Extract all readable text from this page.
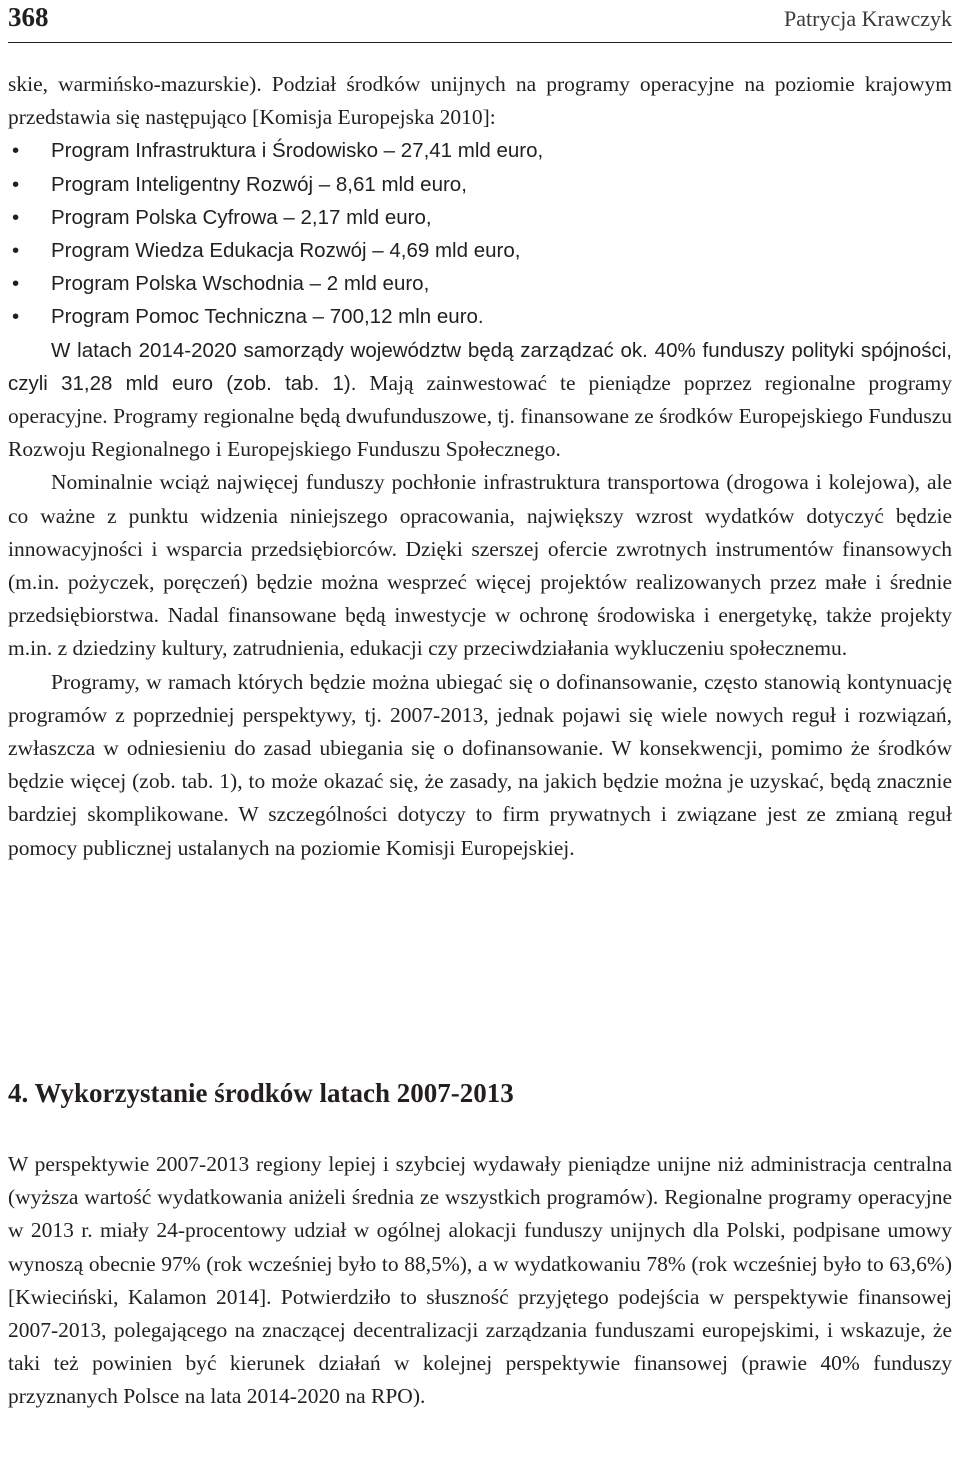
368	Patrycja Krawczyk

skie, warmińsko-mazurskie). Podział środków unijnych na programy operacyjne na poziomie krajowym przedstawia się następująco [Komisja Europejska 2010]:

• Program Infrastruktura i Środowisko – 27,41 mld euro,
• Program Inteligentny Rozwój – 8,61 mld euro,
• Program Polska Cyfrowa – 2,17 mld euro,
• Program Wiedza Edukacja Rozwój – 4,69 mld euro,
• Program Polska Wschodnia – 2 mld euro,
• Program Pomoc Techniczna – 700,12 mln euro.

W latach 2014-2020 samorządy województw będą zarządzać ok. 40% funduszy polityki spójności, czyli 31,28 mld euro (zob. tab. 1). Mają zainwestować te pieniądze poprzez regionalne programy operacyjne. Programy regionalne będą dwufunduszowe, tj. finansowane ze środków Europejskiego Funduszu Rozwoju Regionalnego i Europejskiego Funduszu Społecznego.

Nominalnie wciąż najwięcej funduszy pochłonie infrastruktura transportowa (drogowa i kolejowa), ale co ważne z punktu widzenia niniejszego opracowania, największy wzrost wydatków dotyczyć będzie innowacyjności i wsparcia przedsiębiorców. Dzięki szerszej ofercie zwrotnych instrumentów finansowych (m.in. pożyczek, poręczeń) będzie można wesprzeć więcej projektów realizowanych przez małe i średnie przedsiębiorstwa. Nadal finansowane będą inwestycje w ochronę środowiska i energetykę, także projekty m.in. z dziedziny kultury, zatrudnienia, edukacji czy przeciwdziałania wykluczeniu społecznemu.

Programy, w ramach których będzie można ubiegać się o dofinansowanie, często stanowią kontynuację programów z poprzedniej perspektywy, tj. 2007-2013, jednak pojawi się wiele nowych reguł i rozwiązań, zwłaszcza w odniesieniu do zasad ubiegania się o dofinansowanie. W konsekwencji, pomimo że środków będzie więcej (zob. tab. 1), to może okazać się, że zasady, na jakich będzie można je uzyskać, będą znacznie bardziej skomplikowane. W szczególności dotyczy to firm prywatnych i związane jest ze zmianą reguł pomocy publicznej ustalanych na poziomie Komisji Europejskiej.

4. Wykorzystanie środków latach 2007-2013

W perspektywie 2007-2013 regiony lepiej i szybciej wydawały pieniądze unijne niż administracja centralna (wyższa wartość wydatkowania aniżeli średnia ze wszystkich programów). Regionalne programy operacyjne w 2013 r. miały 24-procentowy udział w ogólnej alokacji funduszy unijnych dla Polski, podpisane umowy wynoszą obecnie 97% (rok wcześniej było to 88,5%), a w wydatkowaniu 78% (rok wcześniej było to 63,6%) [Kwieciński, Kalamon 2014]. Potwierdziło to słuszność przyjętego podejścia w perspektywie finansowej 2007-2013, polegającego na znaczącej decentralizacji zarządzania funduszami europejskimi, i wskazuje, że taki też powinien być kierunek działań w kolejnej perspektywie finansowej (prawie 40% funduszy przyznanych Polsce na lata 2014-2020 na RPO).
